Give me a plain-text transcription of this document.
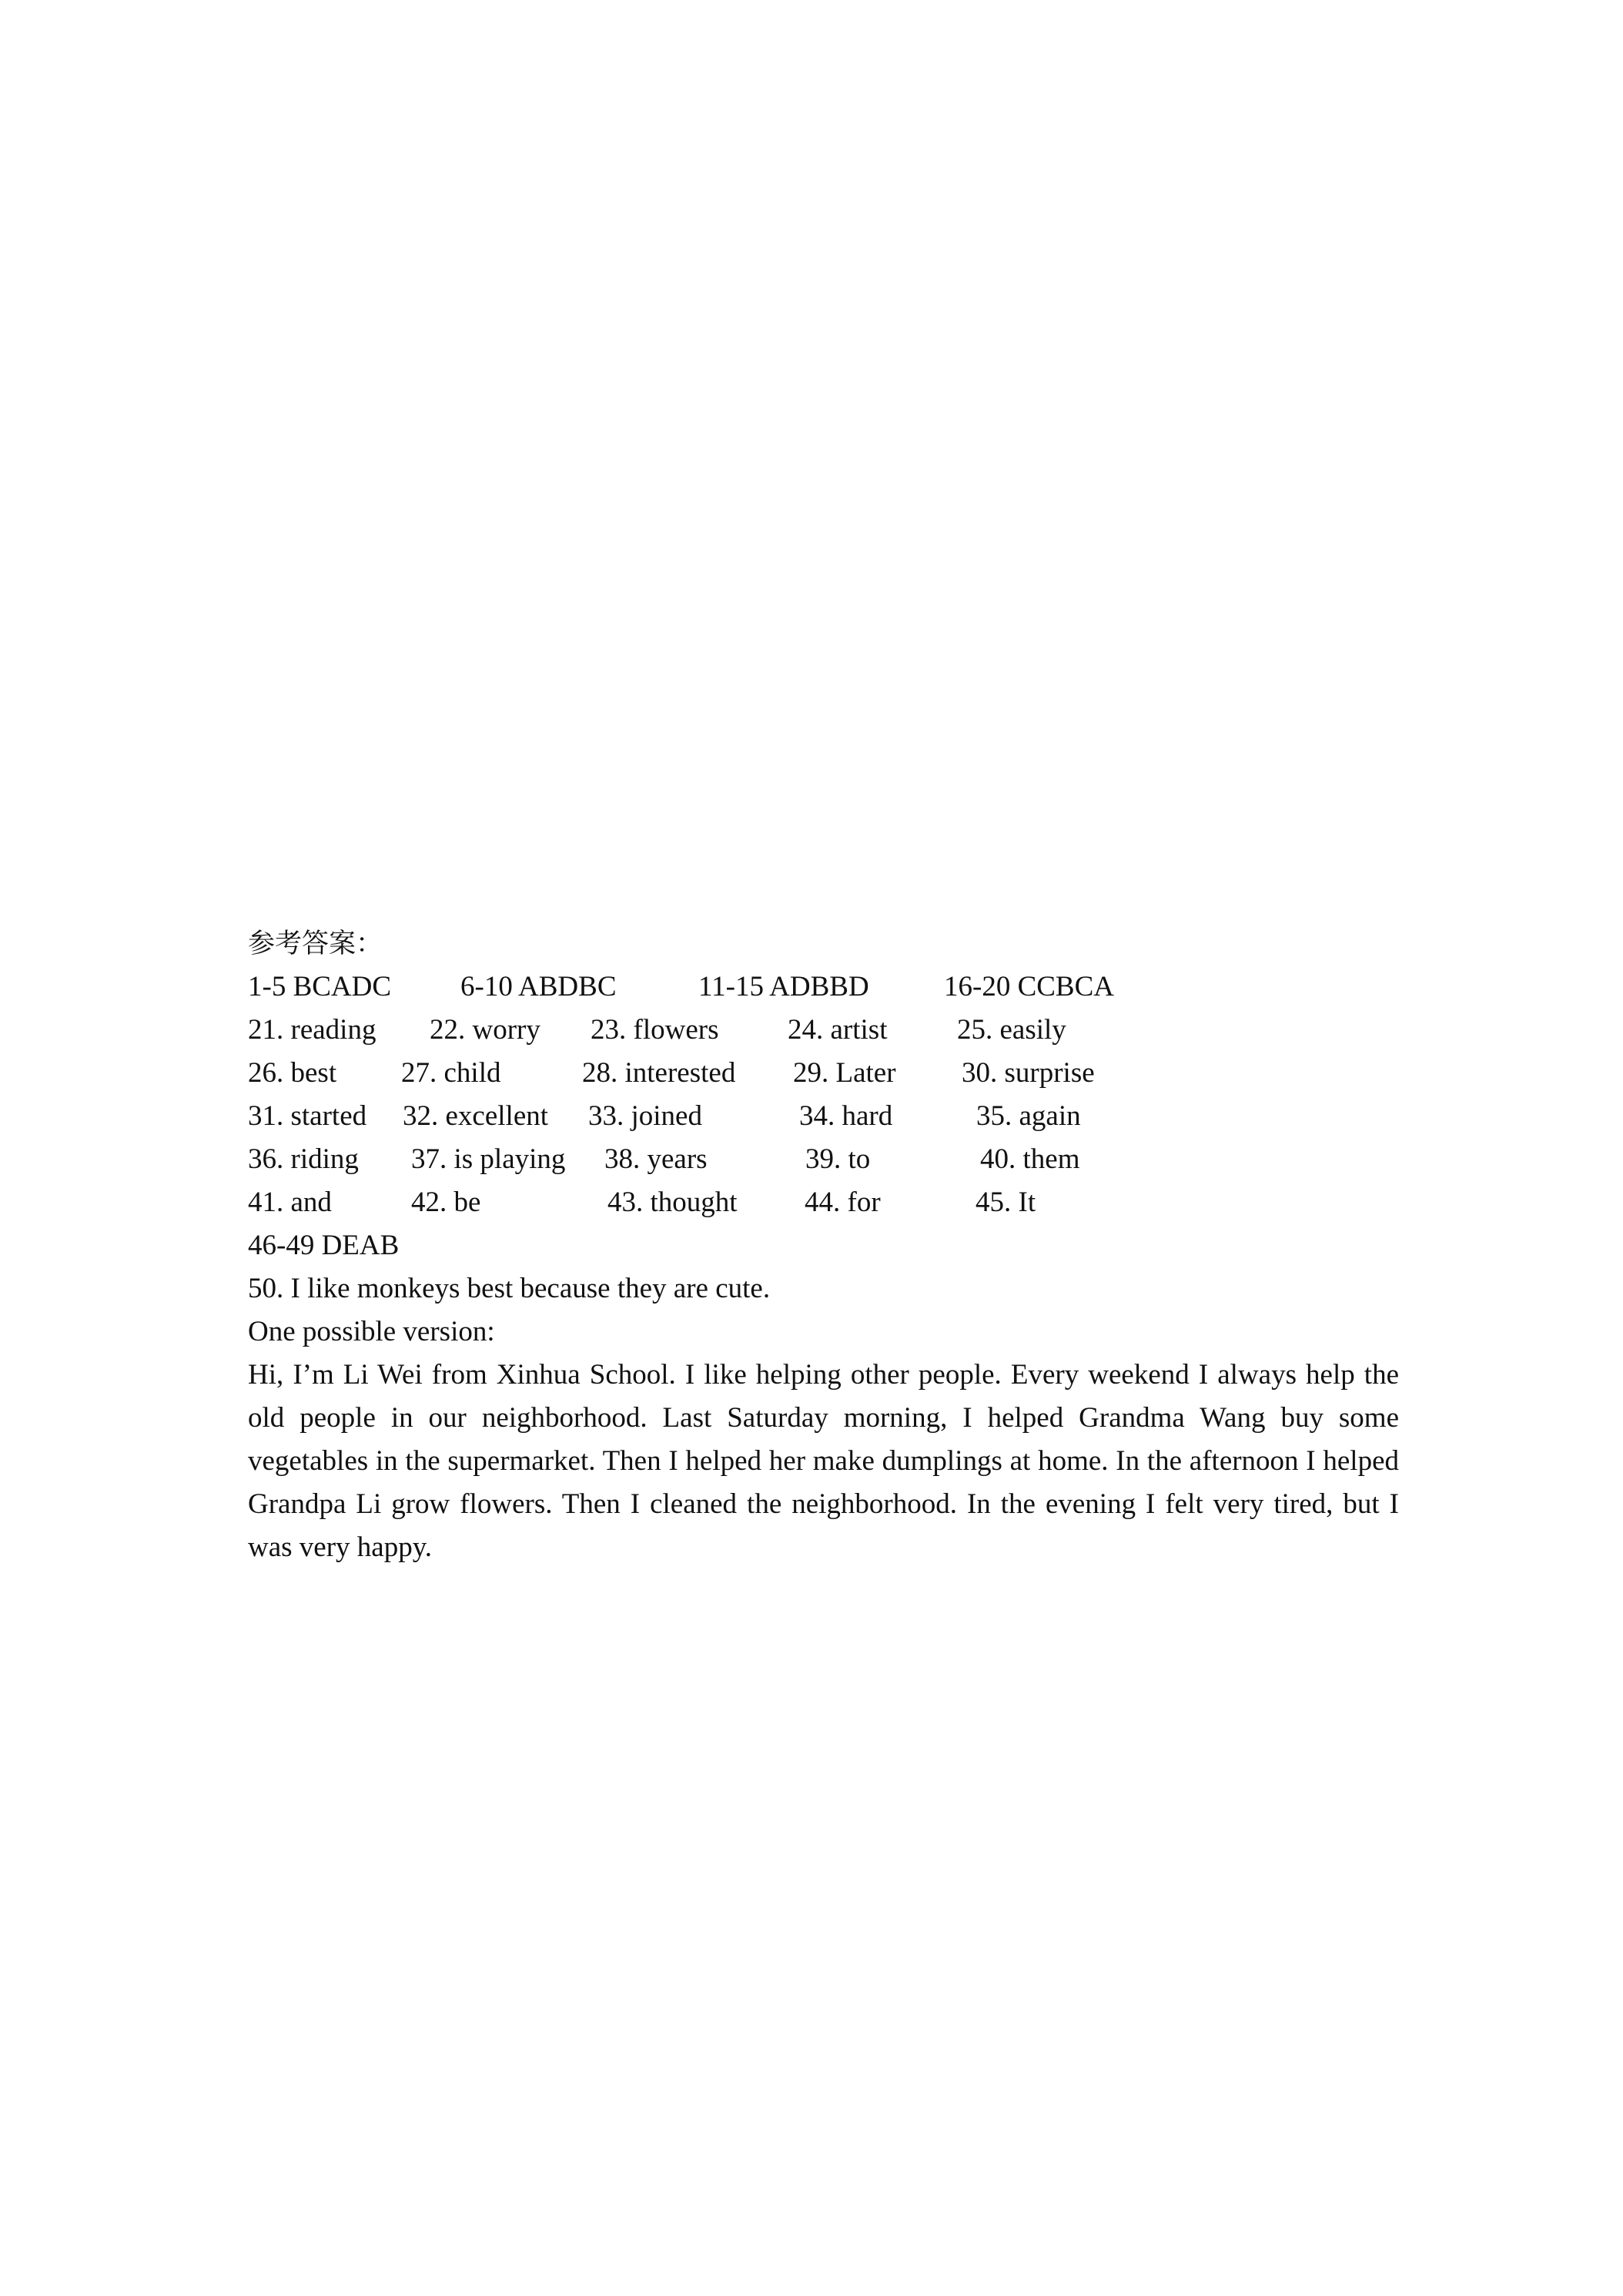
参考答案：
1-5 BCADC 6-10 ABDBC	11-15 ADBBD	16-20 CCBCA
21. reading 22. worry 23. flowers 24. artist 25. easily
26. best 27. child	28. interested 29. Later 30. surprise
31. started 32. excellent 33. joined	34. hard	35. again
36. riding 37. is playing 38. years	39. to	40. them
41. and	42. be	43. thought 44. for	45. It
46-49 DEAB
50. I like monkeys best because they are cute.
One possible version:
Hi, I’m Li Wei from Xinhua School. I like helping other people. Every weekend I always help the old people in our neighborhood. Last Saturday morning, I helped Grandma Wang buy some vegetables in the supermarket. Then I helped her make dumplings at home. In the afternoon I helped Grandpa Li grow flowers. Then I cleaned the neighborhood. In the evening I felt very tired, but I was very happy.
